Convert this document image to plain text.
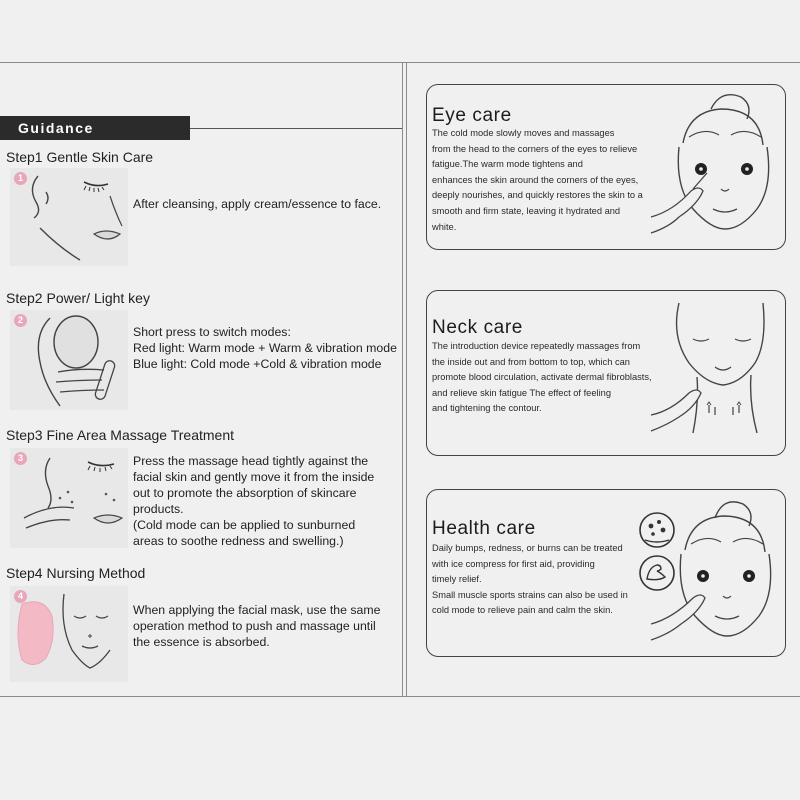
Guidance
Step1 Gentle Skin Care
1
After cleansing, apply cream/essence to face.
Step2 Power/ Light key
2
Short press to switch modes:
Red light: Warm mode + Warm & vibration mode
Blue light: Cold mode +Cold & vibration mode
Step3 Fine Area Massage Treatment
3	Press the massage head tightly against the
facial skin and gently move it from the inside
out to promote the absorption of skincare
products.
(Cold mode can be applied to sunburned
areas to soothe redness and swelling.)
Step4 Nursing Method
4
When applying the facial mask, use the same
operation method to push and massage until
the essence is absorbed.
Eye care
The cold mode slowly moves and massages
from the head to the corners of the eyes to relieve
fatigue.The warm mode tightens and
enhances the skin around the corners of the eyes,
deeply nourishes, and quickly restores the skin to a
smooth and firm state, leaving it hydrated and
white.
Neck care
The introduction device repeatedly massages from
the inside out and from bottom to top, which can
promote blood circulation, activate dermal fibroblasts,
and relieve skin fatigue The effect of feeling
and tightening the contour.
Health care
Daily bumps, redness, or burns can be treated
with ice compress for first aid, providing
timely relief.
Small muscle sports strains can also be used in
cold mode to relieve pain and calm the skin.
